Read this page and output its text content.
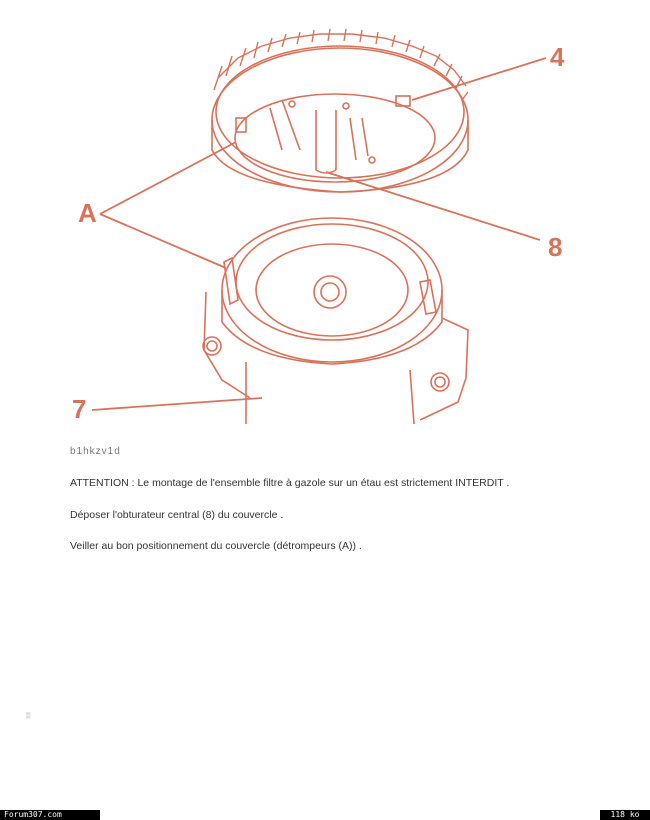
A
4
8
7
b1hkzv1d
ATTENTION : Le montage de l'ensemble filtre à gazole sur un étau est strictement INTERDIT .
Déposer l'obturateur central (8) du couvercle .
Veiller au bon positionnement du couvercle (détrompeurs (A)) .
▒
Forum307.com	118 ko
